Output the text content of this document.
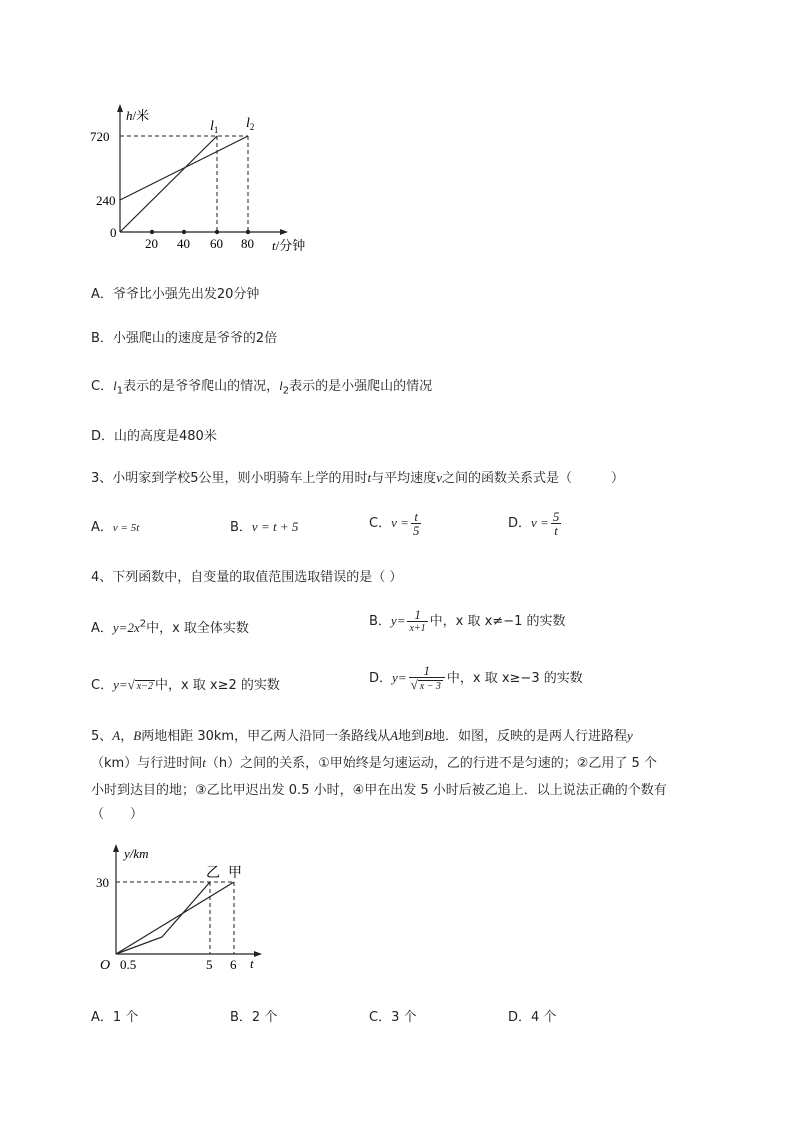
h/米
720
240
0
20 40 60 80 t/分钟
$l_1$ $l_2$
A．爷爷比小强先出发20分钟
B．小强爬山的速度是爷爷的2倍
C．$l_1$表示的是爷爷爬山的情况，$l_2$表示的是小强爬山的情况
D．山的高度是480米
3、小明家到学校5公里，则小明骑车上学的用时t与平均速度v之间的函数关系式是（　　　）
A．v = 5t	B．v = t + 5	C．$v = \frac{t}{5}$	D．$v = \frac{5}{t}$
4、下列函数中，自变量的取值范围选取错误的是（ ）
A．$y=2x^2$中，x 取全体实数	B．$y= \frac{1}{x+1}$ 中，x 取 x≠−1 的实数
C．y=√ x−2 中，x 取 x≥2 的实数	D．$y= \frac{1}{√ x - 3}$ 中，x 取 x≥−3 的实数
5、A，B两地相距 30km，甲乙两人沿同一条路线从A地到B地．如图，反映的是两人行进路程y
（km）与行进时间t（h）之间的关系，①甲始终是匀速运动，乙的行进不是匀速的；②乙用了 5 个
小时到达目的地；③乙比甲迟出发 0.5 小时，④甲在出发 5 小时后被乙追上．以上说法正确的个数有
（　　）
y/km
30
O 0.5	5 6 t
乙 甲
A．1 个	B．2 个	C．3 个	D．4 个
